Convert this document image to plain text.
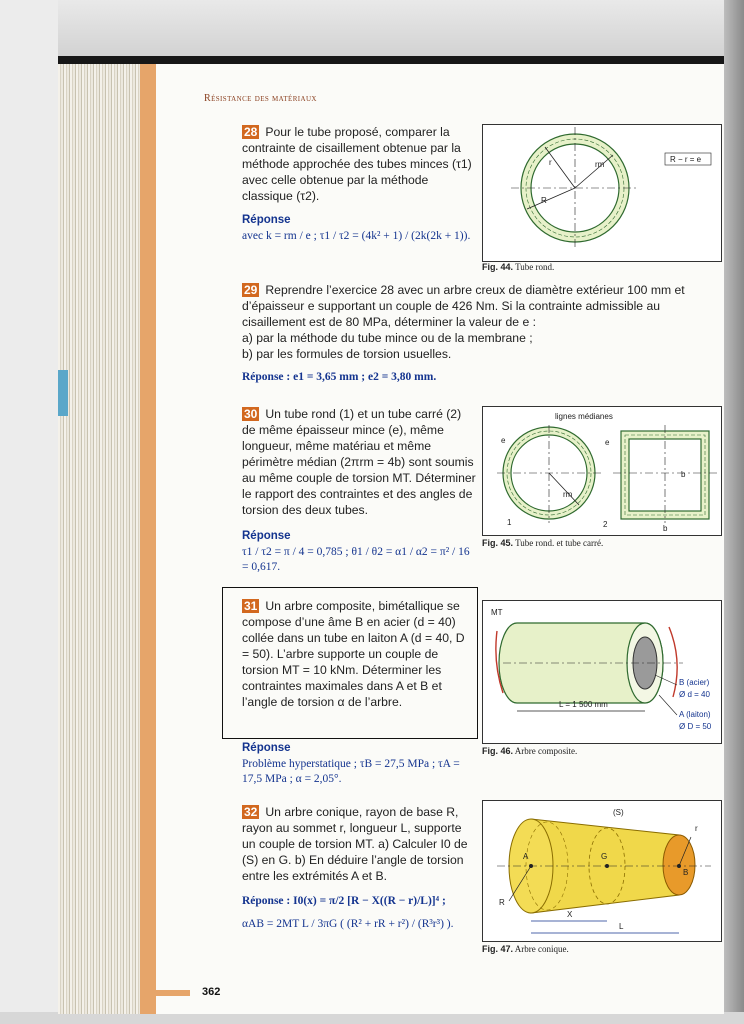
Résistance des matériaux

28 Pour le tube proposé, comparer la contrainte de cisaillement obtenue par la méthode approchée des tubes minces (τ1) avec celle obtenue par la méthode classique (τ2).

Réponse
avec k = rm / e ; τ1 / τ2 = (4k² + 1) / (2k(2k + 1)).
r
R
rm
R − r = e
Fig. 44. Tube rond.

29 Reprendre l’exercice 28 avec un arbre creux de diamètre extérieur 100 mm et d’épaisseur e supportant un couple de 426 Nm. Si la contrainte admissible au cisaillement est de 80 MPa, déterminer la valeur de e :

a) par la méthode du tube mince ou de la membrane ;

b) par les formules de torsion usuelles.

Réponse : e1 = 3,65 mm ; e2 = 3,80 mm.

30 Un tube rond (1) et un tube carré (2) de même épaisseur mince (e), même longueur, même matériau et même périmètre médian (2πrm = 4b) sont soumis au même couple de torsion MT. Déterminer le rapport des contraintes et des angles de torsion des deux tubes.

Réponse
τ1 / τ2 = π / 4 = 0,785 ; θ1 / θ2 = α1 / α2 = π² / 16 = 0,617.
lignes médianes
rm
e
1
e
b
b
2
Fig. 45. Tube rond. et tube carré.

31 Un arbre composite, bimétallique se compose d’une âme B en acier (d = 40) collée dans un tube en laiton A (d = 40, D = 50). L’arbre supporte un couple de torsion MT = 10 kNm. Déterminer les contraintes maximales dans A et B et l’angle de torsion α de l’arbre.

Réponse
Problème hyperstatique ; τB = 27,5 MPa ; τA = 17,5 MPa ; α = 2,05°.
MT
L = 1 500 mm
B (acier)
Ø d = 40
A (laiton)
Ø D = 50
Fig. 46. Arbre composite.

32 Un arbre conique, rayon de base R, rayon au sommet r, longueur L, supporte un couple de torsion MT. a) Calculer I0 de (S) en G. b) En déduire l’angle de torsion entre les extrémités A et B.

Réponse : I0(x) = π/2 [R − X((R − r)/L)]⁴ ;
αAB = 2MT L / 3πG ( (R² + rR + r²) / (R³r³) ).
(S)
A	G
B
R
r
X
L
Fig. 47. Arbre conique.
362
